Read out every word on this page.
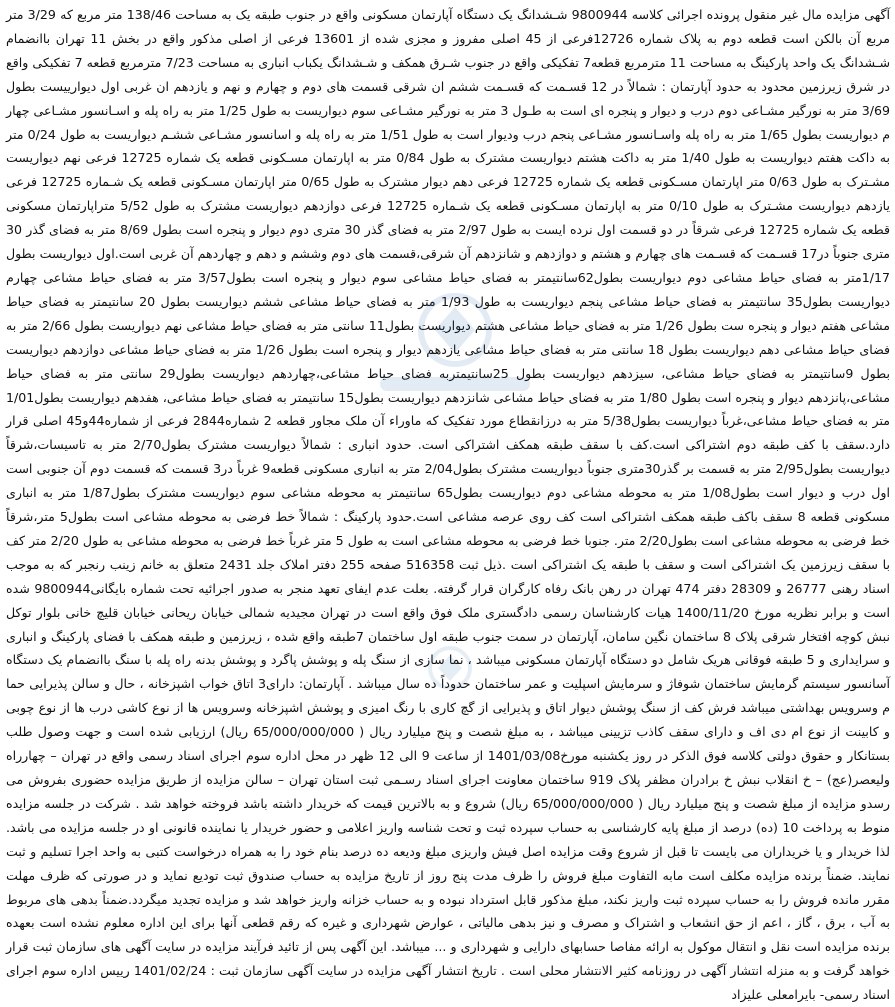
آگهی مزایده مال غیر منقول پرونده اجرائی کلاسه 9800944 شـشدانگ یک دستگاه آپارتمان مسکونی واقع در جنوب طبقه یک به مساحت 138/46 متر مربع که 3/29 متر مربع آن بالکن است قطعه دوم به پلاک شماره 12726فرعی از 45 اصلی مفروز و مجزی شده از 13601 فرعی از اصلی مذکور واقع در بخش 11 تهران باانضمام شـشدانگ یک واحد پارکینگ به مساحت 11 مترمربع قطعه7 تفکیکی واقع در جنوب شـرق همکف و شـشدانگ یکباب انباری به مساحت 7/23 مترمربع قطعه 7 تفکیکی واقع در شرق زیرزمین محدود به حدود آپارتمان : شمالاً در 12 قسـمت که قسـمت ششم ان شرقی قسمت های دوم و چهارم و نهم و یازدهم ان غربی اول دیوارییست بطول 3/69 متر به نورگیر مشـاعی دوم درب و دیوار و پنجره ای است به طـول 3 متر به نورگیر مشـاعی سوم دیواریست به طول 1/25 متر به راه پله و اسـانسور مشـاعی چهار م دیواریست بطول 1/65 متر به راه پله واسـانسور مشـاعی پنجم درب ودیوار است به طول 1/51 متر به راه پله و اسانسور مشـاعی ششـم دیواریست به طول 0/24 متر به داکت هفتم دیواریست به طول 1/40 متر به داکت هشتم دیواریست مشترک به طول 0/84 متر به اپارتمان مسـکونی قطعه یک شماره 12725 فرعی نهم دیواریست مشـترک به طول 0/63 متر اپارتمان مسـکونی قطعه یک شماره 12725 فرعی دهم دیوار مشترک به طول 0/65 متر اپارتمان مسـکونی قطعه یک شـماره 12725 فرعی یازدهم دیواریست مشـترک به طول 0/10 متر به اپارتمان مسـکونی قطعه یک شـماره 12725 فرعی دوازدهم دیواریست مشترک به طول 5/52 متراپارتمان مسکونی قطعه یک شماره 12725 فرعی شرقاً در دو قسمت اول نرده ایست به طول 2/97 متر به فضای گذر 30 متری دوم دیوار و پنجره است بطول 8/69 متر به فضای گذر 30 متری جنوباً در17 قسـمت که قسـمت های چهارم و هشتم و دوازدهم و شانزدهم آن شرقی،قسمت های دوم وششم و دهم و چهاردهم آن غربی است.اول دیواریست بطول 1/17متر به فضای حیاط مشاعی دوم دیواریست بطول62سانتیمتر به فضای حیاط مشاعی سوم دیوار و پنجره است بطول3/57 متر به فضای حیاط مشاعی چهارم دیواریست بطول35 سانتیمتر به فضای حیاط مشاعی پنجم دیواریست به طول 1/93 متر به فضای حیاط مشاعی ششم دیواریست بطول 20 سانتیمتر به فضای حیاط مشاعی هفتم دیوار و پنجره ست بطول 1/26 متر به فضای حیاط مشاعی هشتم دیواریست بطول11 سانتی متر به فضای حیاط مشاعی نهم دیواریست بطول 2/66 متر به فضای حیاط مشاعی دهم دیواریست بطول 18 سانتی متر به فضای حیاط مشاعی یازدهم دیوار و پنجره است بطول 1/26 متر به فضای حیاط مشاعی دوازدهم دیواریست بطول 9سانتیمتر به فضای حیاط مشاعی، سیزدهم دیواریست بطول 25سانتیمتربه فضای حیاط مشاعی،چهاردهم دیواریست بطول29 سانتی متر به فضای حیاط مشاعی،پانزدهم دیوار و پنجره است بطول 1/80 متر به فضای حیاط مشاعی شانزدهم دیواریست بطول15 سانتیمتر به فضای حیاط مشاعی، هفدهم دیواریست بطول1/01 متر به فضای حیاط مشاعی،غرباً دیواریست بطول5/38 متر به درزانقطاع مورد تفکیک که ماوراء آن ملک مجاور قطعه 2 شماره2844 فرعی از شماره44و45 اصلی قرار دارد.سقف با کف طبقه دوم اشتراکی است.کف با سقف طبقه همکف اشتراکی است. حدود انباری : شمالاً دیواریست مشترک بطول2/70 متر به تاسیسات،شرقاً دیواریست بطول2/95 متر به قسمت بر گذر30متری جنوباً دیواریست مشترک بطول2/04 متر به انباری مسکونی قطعه9 غرباً در3 قسمت که قسمت دوم آن جنوبی است اول درب و دیوار است بطول1/08 متر به محوطه مشاعی دوم دیواریست بطول65 سانتیمتر به محوطه مشاعی سوم دیواریست مشترک بطول1/87 متر به انباری مسکونی قطعه 8 سقف باکف طبقه همکف اشتراکی است کف روی عرصه مشاعی است.حدود پارکینگ : شمالاً خط فرضی به محوطه مشاعی است بطول5 متر،شرقاً خط فرضی به محوطه مشاعی است بطول2/20 متر. جنوبا خط فرضی به محوطه مشاعی است به طول 5 متر غرباً خط فرضی به محوطه مشاعی به طول 2/20 متر کف با سقف زیرزمین یک اشتراکی است و سقف با طبقه یک اشتراکی است .ذیل ثبت 516358 صفحه 255 دفتر املاک جلد 2431 متعلق به خانم زینب رنجبر که به موجب اسناد رهنی 26777 و 28309 دفتر 474 تهران در رهن بانک رفاه کارگران قرار گرفته. بعلت عدم ایفای تعهد منجر به صدور اجرائیه تحت شماره بایگانی9800944 شده است و برابر نظریه مورخ 1400/11/20 هیات کارشناسان رسمی دادگستری ملک فوق واقع است در تهران مجیدیه شمالی خیابان ریحانی خیابان قلیچ خانی بلوار توکل نبش کوچه افتخار شرقی پلاک 8 ساختمان نگین سامان، آپارتمان در سمت جنوب طبقه اول ساختمان 7طبقه واقع شده ، زیرزمین و طبقه همکف با فضای پارکینگ و انباری و سرایداری و 5 طبقه فوقانی هریک شامل دو دستگاه آپارتمان مسکونی میباشد ، نما سازی از سنگ پله و پوشش پاگرد و پوشش بدنه راه پله با سنگ باانضمام یک دستگاه آسانسور سیستم گرمایش ساختمان شوفاژ و سرمایش اسپلیت و عمر ساختمان حدوداً ده سال میباشد . آپارتمان: دارای3 اتاق خواب اشپزخانه ، حال و سالن پذیرایی حما م وسرویس بهداشتی میباشد فرش کف از سنگ پوشش دیوار اتاق و پذیرایی از گچ کاری با رنگ امیزی و پوشش اشپزخانه وسرویس ها از نوع کاشی درب ها از نوع چوبی و کابینت از نوع ام دی اف و دارای سقف کاذب تزیینی میباشد ، به مبلغ شصت و پنج میلیارد ریال ( 65/000/000/000 ریال) ارزیابی شده است و جهت وصول طلب بستانکار و حقوق دولتی کلاسه فوق الذکر در روز یکشنبه مورخ1401/03/08 از ساعت 9 الی 12 ظهر در محل اداره سوم اجرای اسناد رسمی واقع در تهران – چهارراه ولیعصر(عج) – خ انقلاب نبش خ برادران مظفر پلاک 919 ساختمان معاونت اجرای اسناد رسـمی ثبت استان تهران – سالن مزایده از طریق مزایده حضوری بفروش می رسدو مزایده از مبلغ شصت و پنج میلیارد ریال ( 65/000/000/000 ریال) شروع و به بالاترین قیمت که خریدار داشته باشد فروخته خواهد شد . شرکت در جلسه مزایده منوط به پرداخت 10 (ده) درصد از مبلغ پایه کارشناسی به حساب سپرده ثبت و تحت شناسه واریز اعلامی و حضور خریدار یا نماینده قانونی او در جلسه مزایده می باشد. لذا خریدار و یا خریداران می بایست تا قبل از شروع وقت مزایده اصل فیش واریزی مبلغ ودیعه ده درصد بنام خود را به همراه درخواست کتبی به واحد اجرا تسلیم و ثبت نمایند. ضمناً برنده مزایده مکلف است مابه التفاوت مبلغ فروش را ظرف مدت پنج روز از تاریخ مزایده به حساب صندوق ثبت تودیع نماید و در صورتی که ظرف مهلت مقرر مانده فروش را به حساب سپرده ثبت واریز نکند، مبلغ مذکور قابل استرداد نبوده و به حساب خزانه واریز خواهد شد و مزایده تجدید میگردد.ضمناً بدهی های مربوط به آب ، برق ، گاز ، اعم از حق انشعاب و اشتراک و مصرف و نیز بدهی مالیاتی ، عوارض شهرداری و غیره که رقم قطعی آنها برای این اداره معلوم نشده است بعهده برنده مزایده است نقل و انتقال موکول به ارائه مفاصا حسابهای دارایی و شهرداری و ... میباشد. این آگهی پس از تائید فرآیند مزایده در سایت آگهی های سازمان ثبت قرار خواهد گرفت و به منزله انتشار آگهی در روزنامه کثیر الانتشار محلی است . تاریخ انتشار آگهی مزایده در سایت آگهی سازمان ثبت : 1401/02/24 رییس اداره سوم اجرای اسناد رسمی- بایرامعلی علیزاد
